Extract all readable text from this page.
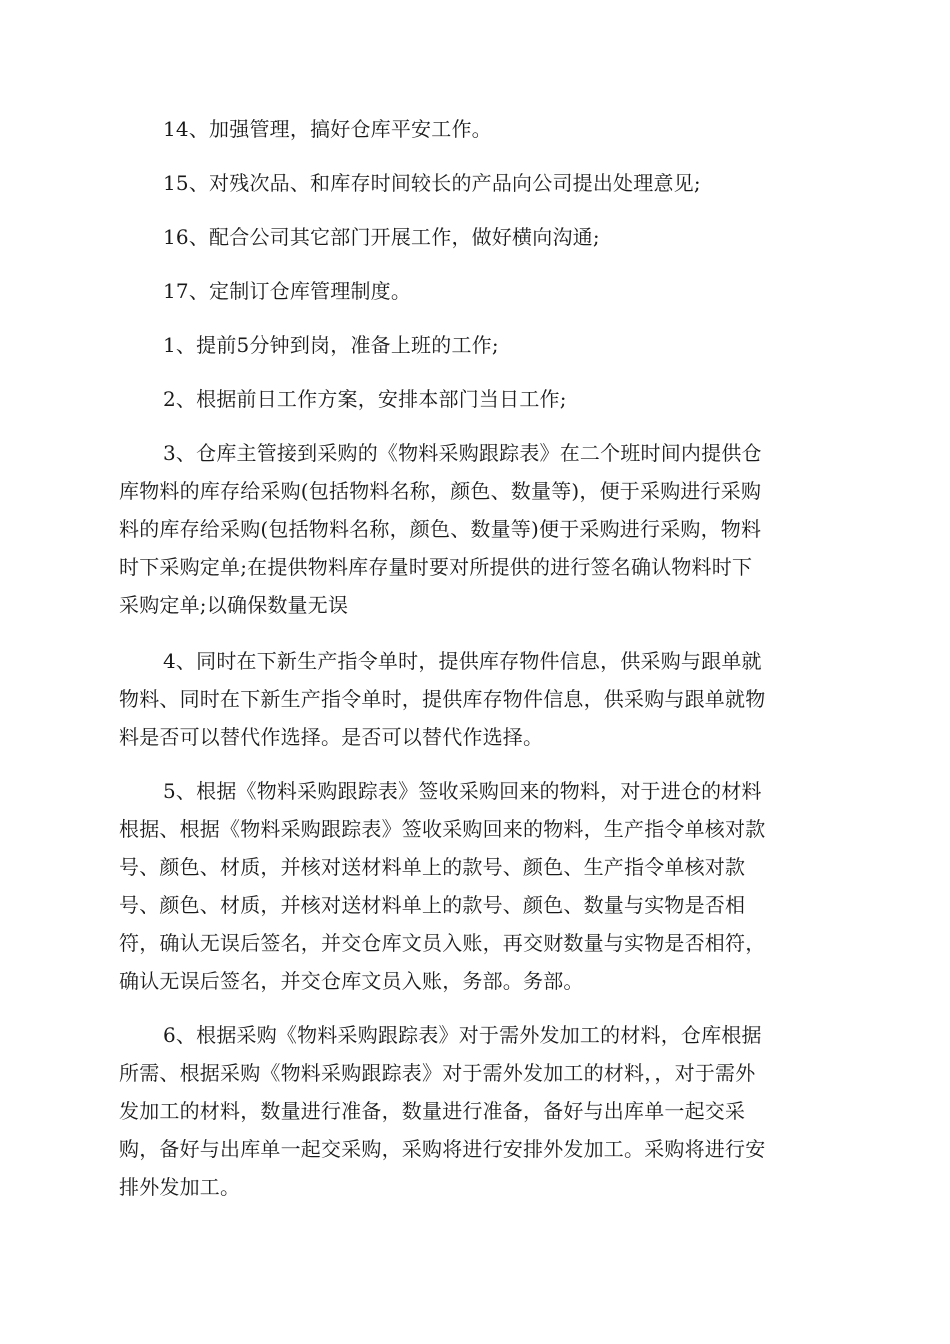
14、加强管理，搞好仓库平安工作。
15、对残次品、和库存时间较长的产品向公司提出处理意见;
16、配合公司其它部门开展工作，做好横向沟通;
17、定制订仓库管理制度。
1、提前5分钟到岗，准备上班的工作;
2、根据前日工作方案，安排本部门当日工作;
3、仓库主管接到采购的《物料采购跟踪表》在二个班时间内提供仓
库物料的库存给采购(包括物料名称，颜色、数量等)，便于采购进行采购
料的库存给采购(包括物料名称，颜色、数量等)便于采购进行采购，物料
时下采购定单;在提供物料库存量时要对所提供的进行签名确认物料时下
采购定单;以确保数量无误
4、同时在下新生产指令单时，提供库存物件信息，供采购与跟单就
物料、同时在下新生产指令单时，提供库存物件信息，供采购与跟单就物
料是否可以替代作选择。是否可以替代作选择。
5、根据《物料采购跟踪表》签收采购回来的物料，对于进仓的材料
根据、根据《物料采购跟踪表》签收采购回来的物料，生产指令单核对款
号、颜色、材质，并核对送材料单上的款号、颜色、生产指令单核对款
号、颜色、材质，并核对送材料单上的款号、颜色、数量与实物是否相
符，确认无误后签名，并交仓库文员入账，再交财数量与实物是否相符，
确认无误后签名，并交仓库文员入账，务部。务部。
6、根据采购《物料采购跟踪表》对于需外发加工的材料，仓库根据
所需、根据采购《物料采购跟踪表》对于需外发加工的材料，，对于需外
发加工的材料，数量进行准备，数量进行准备，备好与出库单一起交采
购，备好与出库单一起交采购，采购将进行安排外发加工。采购将进行安
排外发加工。
